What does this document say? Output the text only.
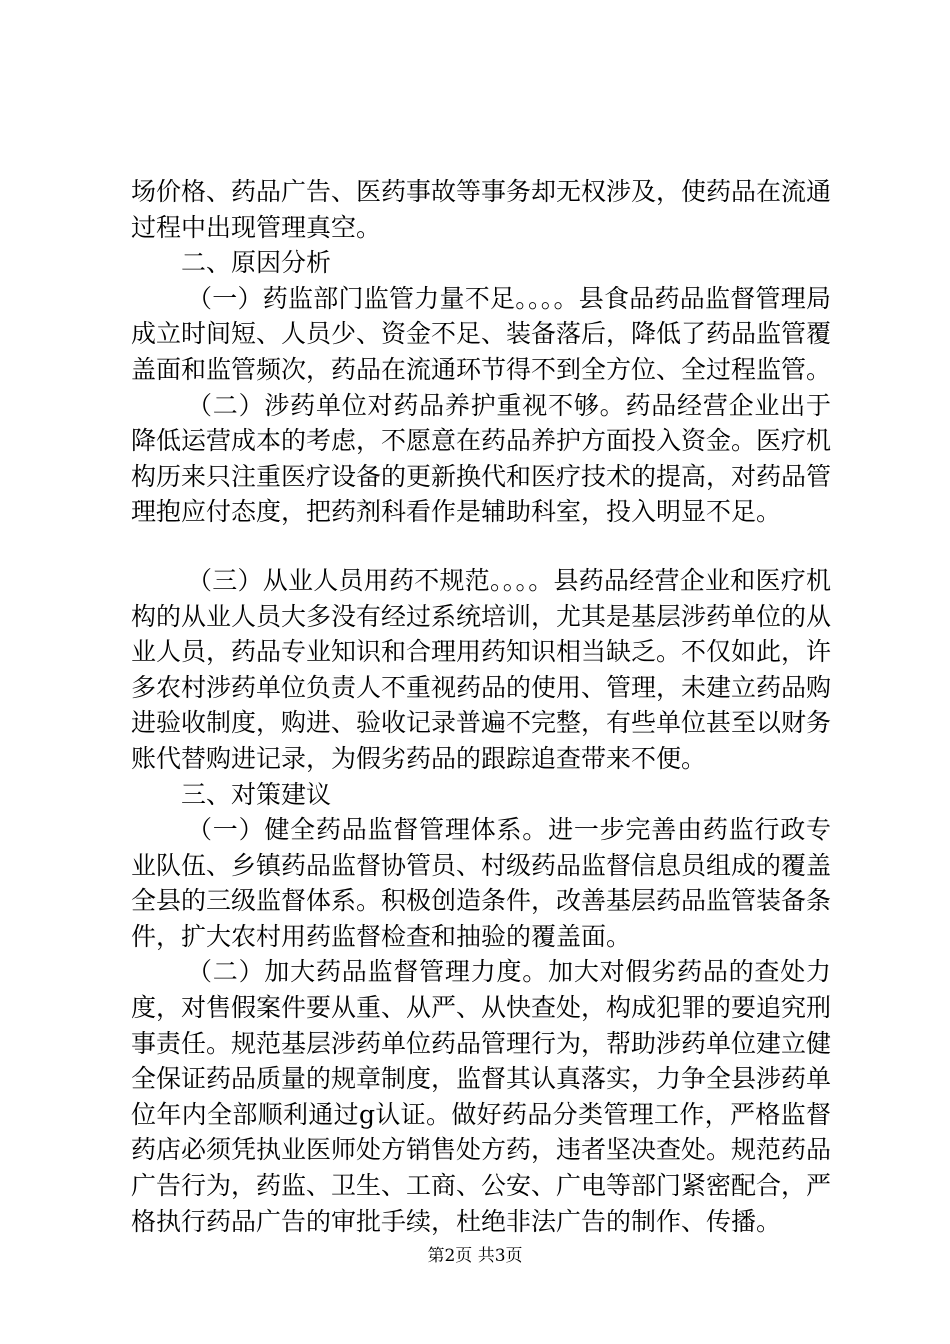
场价格、药品广告、医药事故等事务却无权涉及，使药品在流通过程中出现管理真空。

二、原因分析

（一）药监部门监管力量不足。。。。县食品药品监督管理局成立时间短、人员少、资金不足、装备落后，降低了药品监管覆盖面和监管频次，药品在流通环节得不到全方位、全过程监管。

（二）涉药单位对药品养护重视不够。药品经营企业出于降低运营成本的考虑，不愿意在药品养护方面投入资金。医疗机构历来只注重医疗设备的更新换代和医疗技术的提高，对药品管理抱应付态度，把药剂科看作是辅助科室，投入明显不足。

（三）从业人员用药不规范。。。。县药品经营企业和医疗机构的从业人员大多没有经过系统培训，尤其是基层涉药单位的从业人员，药品专业知识和合理用药知识相当缺乏。不仅如此，许多农村涉药单位负责人不重视药品的使用、管理，未建立药品购进验收制度，购进、验收记录普遍不完整，有些单位甚至以财务账代替购进记录，为假劣药品的跟踪追查带来不便。

三、对策建议

（一）健全药品监督管理体系。进一步完善由药监行政专业队伍、乡镇药品监督协管员、村级药品监督信息员组成的覆盖全县的三级监督体系。积极创造条件，改善基层药品监管装备条件，扩大农村用药监督检查和抽验的覆盖面。

（二）加大药品监督管理力度。加大对假劣药品的查处力度，对售假案件要从重、从严、从快查处，构成犯罪的要追究刑事责任。规范基层涉药单位药品管理行为，帮助涉药单位建立健全保证药品质量的规章制度，监督其认真落实，力争全县涉药单位年内全部顺利通过g认证。做好药品分类管理工作，严格监督药店必须凭执业医师处方销售处方药，违者坚决查处。规范药品广告行为，药监、卫生、工商、公安、广电等部门紧密配合，严格执行药品广告的审批手续，杜绝非法广告的制作、传播。

第2页 共3页
